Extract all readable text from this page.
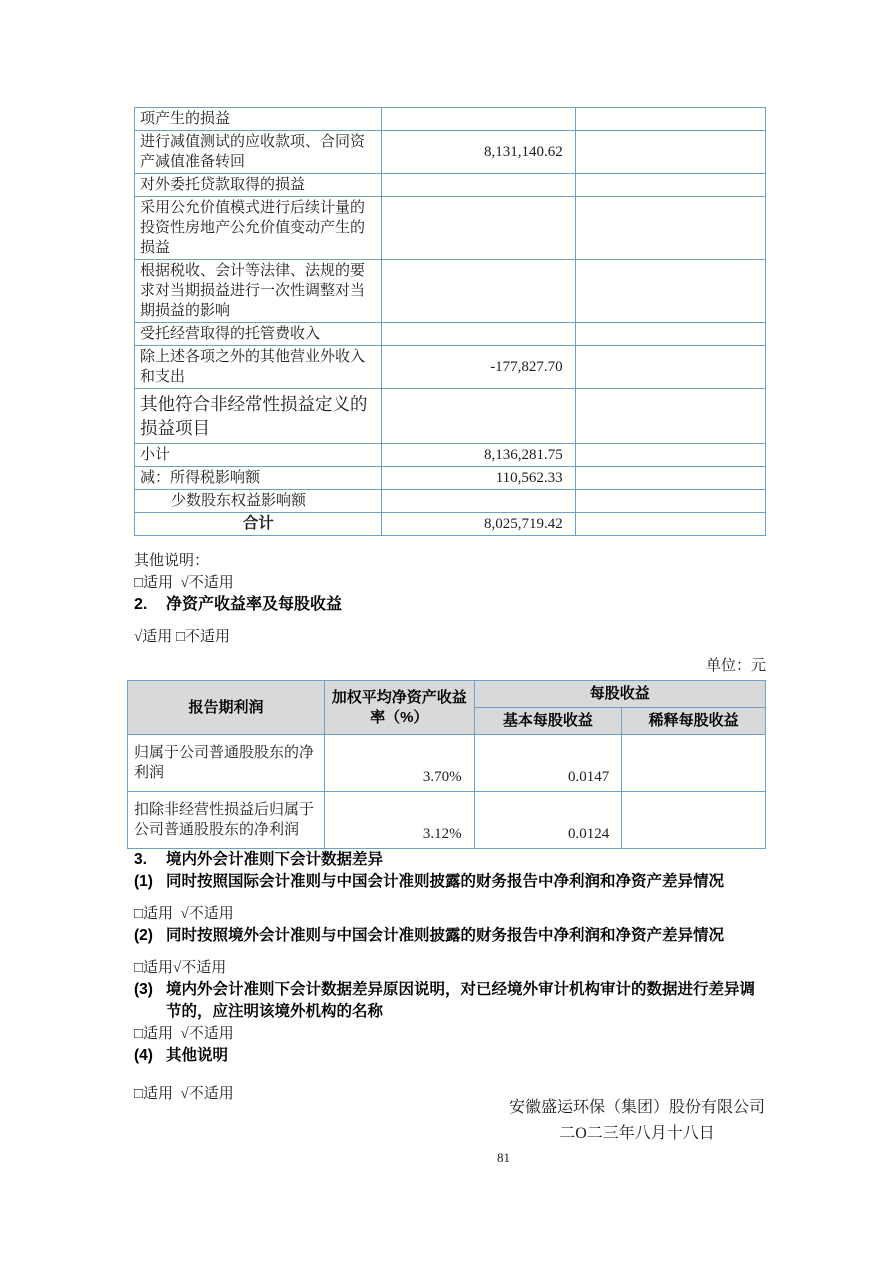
项产生的损益		
进行减值测试的应收款项、合同资产减值准备转回	8,131,140.62	
对外委托贷款取得的损益		
采用公允价值模式进行后续计量的投资性房地产公允价值变动产生的损益		
根据税收、会计等法律、法规的要求对当期损益进行一次性调整对当期损益的影响		
受托经营取得的托管费收入		
除上述各项之外的其他营业外收入和支出	-177,827.70	
其他符合非经常性损益定义的损益项目		
小计	8,136,281.75	
减：所得税影响额	110,562.33	
少数股东权益影响额		
合计	8,025,719.42	

其他说明：

□适用  √不适用

2.	净资产收益率及每股收益

√适用 □不适用

单位：元
报告期利润	加权平均净资产收益率（%）	每股收益	
		基本每股收益	稀释每股收益
归属于公司普通股股东的净利润	3.70%	0.0147	
扣除非经营性损益后归属于公司普通股股东的净利润	3.12%	0.0124	
3.	境内外会计准则下会计数据差异
(1) 同时按照国际会计准则与中国会计准则披露的财务报告中净利润和净资产差异情况

□适用  √不适用

(2) 同时按照境外会计准则与中国会计准则披露的财务报告中净利润和净资产差异情况

□适用√不适用

(3) 境内外会计准则下会计数据差异原因说明，对已经境外审计机构审计的数据进行差异调节的，应注明该境外机构的名称

□适用  √不适用

(4) 其他说明

□适用  √不适用

安徽盛运环保（集团）股份有限公司
二O二三年八月十八日
81
